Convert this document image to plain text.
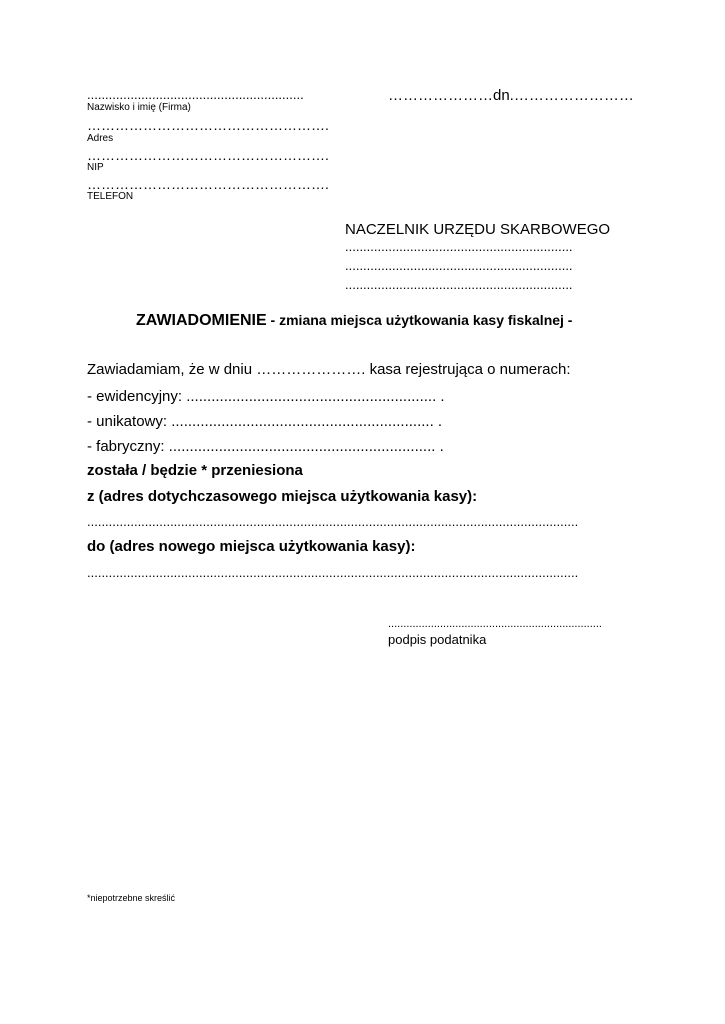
............................................................
Nazwisko i imię (Firma)
…………………………………………….
Adres
…………………………………………….
NIP
…………………………………………….
TELEFON
…………………dn.……………………
NACZELNIK URZĘDU SKARBOWEGO
...............................................................
...............................................................
...............................................................
ZAWIADOMIENIE - zmiana miejsca użytkowania kasy fiskalnej -
Zawiadamiam, że w dniu …………………. kasa rejestrująca o numerach:
- ewidencyjny: ............................................................ .
- unikatowy: ............................................................... .
- fabryczny: ................................................................ .
została / będzie * przeniesiona
z (adres dotychczasowego miejsca użytkowania kasy):
........................................................................................................................................
do (adres nowego miejsca użytkowania kasy):
........................................................................................................................................
......................................................................
podpis podatnika
*niepotrzebne skreślić
